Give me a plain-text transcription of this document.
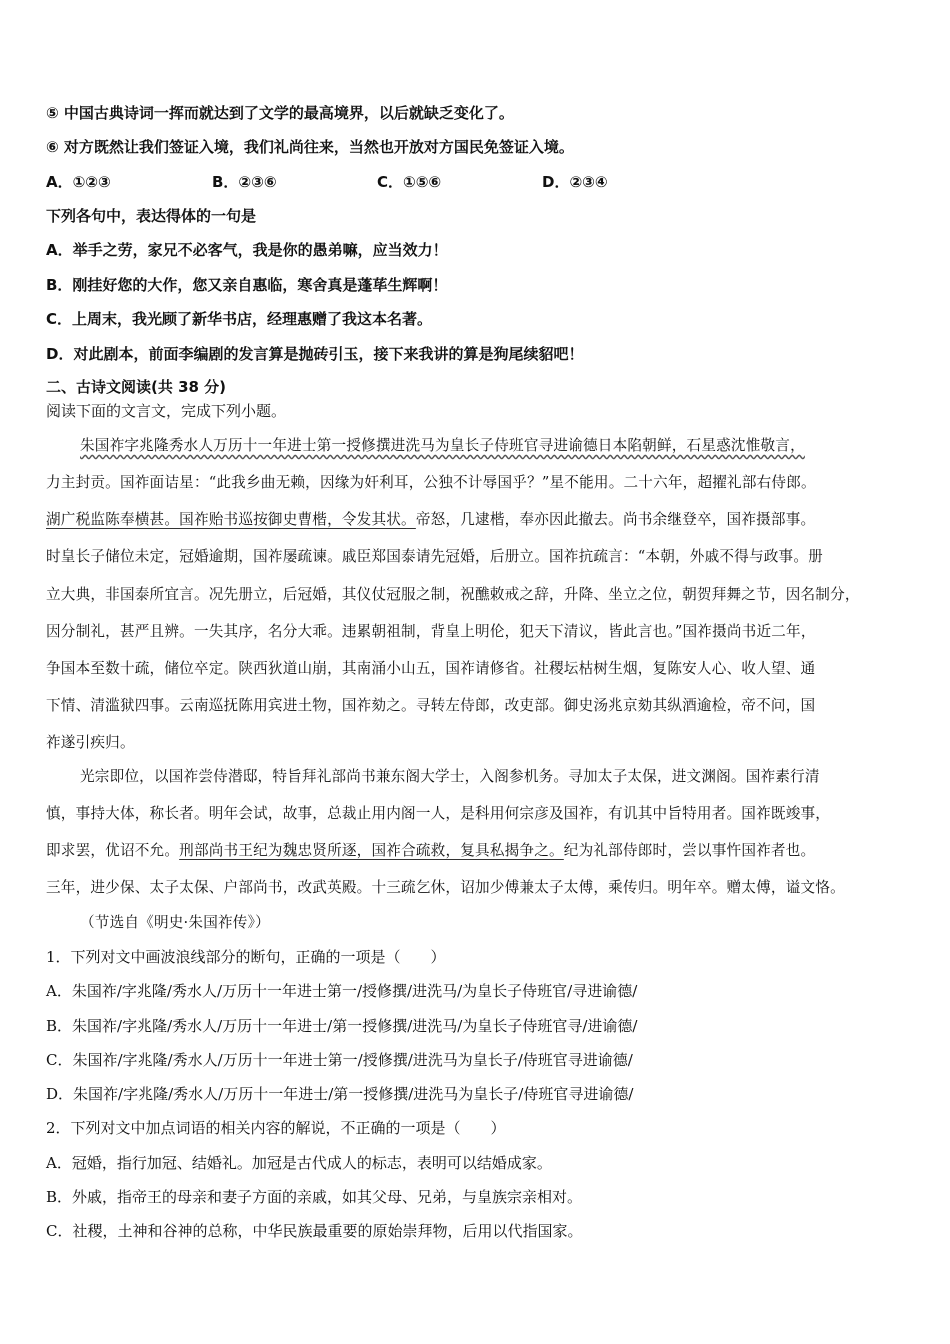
⑤ 中国古典诗词一挥而就达到了文学的最高境界，以后就缺乏变化了。
⑥ 对方既然让我们签证入境，我们礼尚往来，当然也开放对方国民免签证入境。
A．①②③	B．②③⑥	C．①⑤⑥	D．②③④
下列各句中，表达得体的一句是
A．举手之劳，家兄不必客气，我是你的愚弟嘛，应当效力！
B．刚挂好您的大作，您又亲自惠临，寒舍真是蓬荜生辉啊！
C．上周末，我光顾了新华书店，经理惠赠了我这本名著。
D．对此剧本，前面李编剧的发言算是抛砖引玉，接下来我讲的算是狗尾续貂吧！
二、古诗文阅读(共 38 分)
阅读下面的文言文，完成下列小题。
朱国祚字兆隆秀水人万历十一年进士第一授修撰进洗马为皇长子侍班官寻进谕德日本陷朝鲜，石星惑沈惟敬言，
力主封贡。国祚面诘星：“此我乡曲无赖，因缘为奸利耳，公独不计辱国乎？”星不能用。二十六年，超擢礼部右侍郎。
湖广税监陈奉横甚。国祚贻书巡按御史曹楷，令发其状。帝怒，几逮楷，奉亦因此撤去。尚书余继登卒，国祚摄部事。
时皇长子储位未定，冠婚逾期，国祚屡疏谏。戚臣郑国泰请先冠婚，后册立。国祚抗疏言：“本朝，外戚不得与政事。册
立大典，非国泰所宜言。况先册立，后冠婚，其仪仗冠服之制，祝醮敕戒之辞，升降、坐立之位，朝贺拜舞之节，因名制分，
因分制礼，甚严且辨。一失其序，名分大乖。违累朝祖制，背皇上明伦，犯天下清议，皆此言也。”国祚摄尚书近二年，
争国本至数十疏，储位卒定。陕西狄道山崩，其南涌小山五，国祚请修省。社稷坛枯树生烟，复陈安人心、收人望、通
下情、清滥狱四事。云南巡抚陈用宾进土物，国祚劾之。寻转左侍郎，改吏部。御史汤兆京劾其纵酒逾检，帝不问，国
祚遂引疾归。
光宗即位，以国祚尝侍潜邸，特旨拜礼部尚书兼东阁大学士，入阁参机务。寻加太子太保，进文渊阁。国祚素行清
慎，事持大体，称长者。明年会试，故事，总裁止用内阁一人，是科用何宗彦及国祚，有讥其中旨特用者。国祚既竣事，
即求罢，优诏不允。刑部尚书王纪为魏忠贤所逐，国祚合疏救，复具私揭争之。纪为礼部侍郎时，尝以事忤国祚者也。
三年，进少保、太子太保、户部尚书，改武英殿。十三疏乞休，诏加少傅兼太子太傅，乘传归。明年卒。赠太傅，谥文恪。
（节选自《明史·朱国祚传》）
1．下列对文中画波浪线部分的断句，正确的一项是（　　）
A．朱国祚/字兆隆/秀水人/万历十一年进士第一/授修撰/进洗马/为皇长子侍班官/寻进谕德/
B．朱国祚/字兆隆/秀水人/万历十一年进士/第一授修撰/进洗马/为皇长子侍班官寻/进谕德/
C．朱国祚/字兆隆/秀水人/万历十一年进士第一/授修撰/进洗马为皇长子/侍班官寻进谕德/
D．朱国祚/字兆隆/秀水人/万历十一年进士/第一授修撰/进洗马为皇长子/侍班官寻进谕德/
2．下列对文中加点词语的相关内容的解说，不正确的一项是（　　）
A．冠婚，指行加冠、结婚礼。加冠是古代成人的标志，表明可以结婚成家。
B．外戚，指帝王的母亲和妻子方面的亲戚，如其父母、兄弟，与皇族宗亲相对。
C．社稷，土神和谷神的总称，中华民族最重要的原始崇拜物，后用以代指国家。
